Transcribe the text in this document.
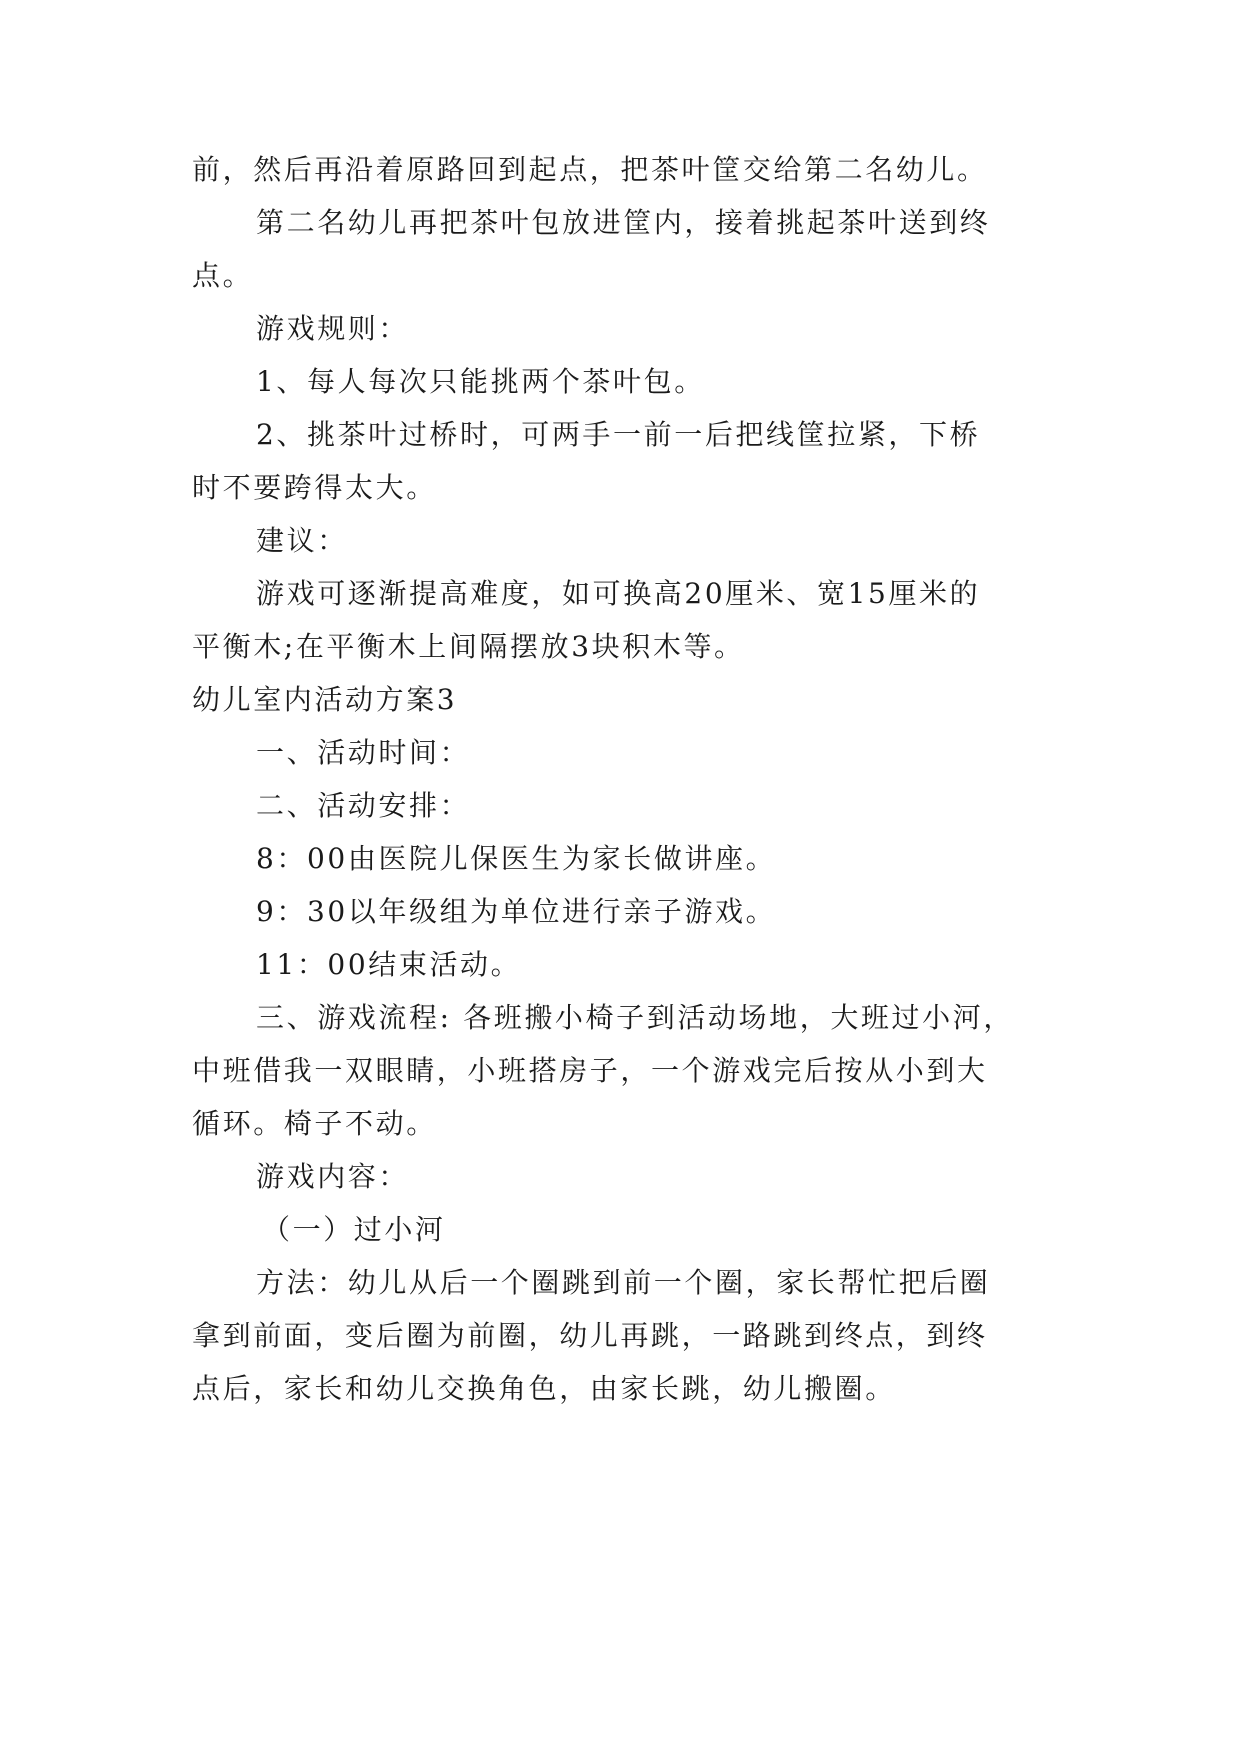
前，然后再沿着原路回到起点，把茶叶筐交给第二名幼儿。
第二名幼儿再把茶叶包放进筐内，接着挑起茶叶送到终
点。
游戏规则：
1、每人每次只能挑两个茶叶包。
2、挑茶叶过桥时，可两手一前一后把线筐拉紧，下桥
时不要跨得太大。
建议：
游戏可逐渐提高难度，如可换高20厘米、宽15厘米的
平衡木;在平衡木上间隔摆放3块积木等。
幼儿室内活动方案3
一、活动时间：
二、活动安排：
8：00由医院儿保医生为家长做讲座。
9：30以年级组为单位进行亲子游戏。
11：00结束活动。
三、游戏流程: 各班搬小椅子到活动场地，大班过小河，
中班借我一双眼睛，小班搭房子，一个游戏完后按从小到大
循环。椅子不动。
游戏内容：
（一）过小河
方法：幼儿从后一个圈跳到前一个圈，家长帮忙把后圈
拿到前面，变后圈为前圈，幼儿再跳，一路跳到终点，到终
点后，家长和幼儿交换角色，由家长跳，幼儿搬圈。
